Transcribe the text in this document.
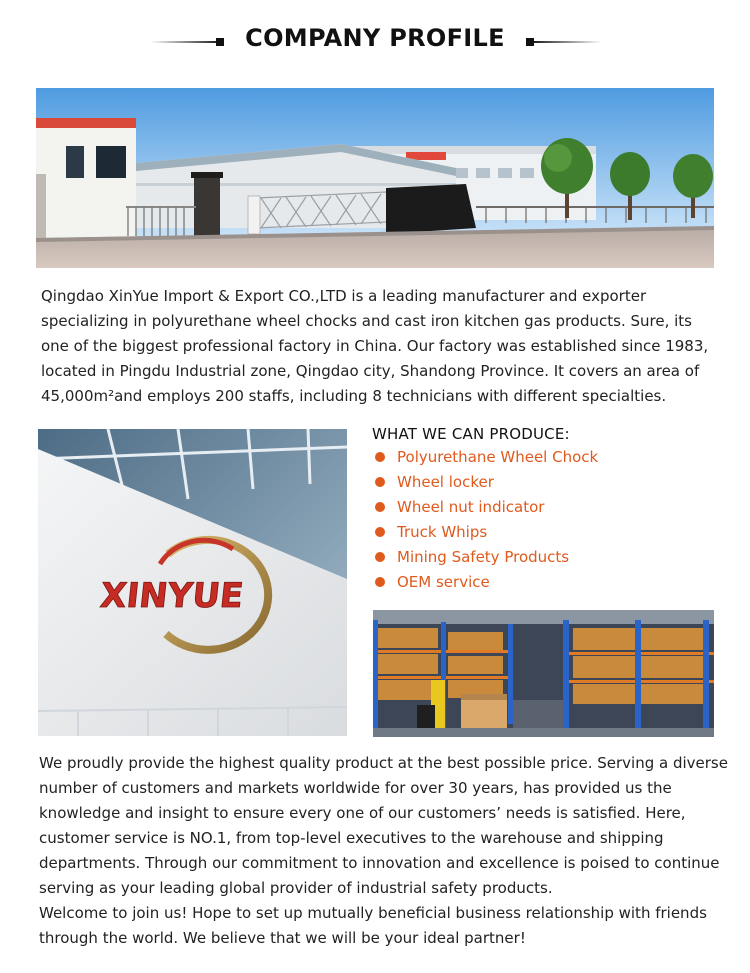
COMPANY PROFILE

Qingdao XinYue Import & Export CO.,LTD is a leading manufacturer and exporter specializing in polyurethane wheel chocks and cast iron kitchen gas products. Sure, its one of the biggest professional factory in China. Our factory was established since 1983, located in Pingdu Industrial zone, Qingdao city, Shandong Province. It covers an area of 45,000m²and employs 200 staffs, including 8 technicians with different specialties.

XINYUE
WHAT WE CAN PRODUCE:
Polyurethane Wheel Chock
Wheel locker
Wheel nut indicator
Truck Whips
Mining Safety Products
OEM service

We proudly provide the highest quality product at the best possible price. Serving a diverse number of customers and markets worldwide for over 30 years, has provided us the knowledge and insight to ensure every one of our customers’ needs is satisfied. Here, customer service is NO.1, from top-level executives to the warehouse and shipping departments. Through our commitment to innovation and excellence is poised to continue serving as your leading global provider of industrial safety products.

Welcome to join us! Hope to set up mutually beneficial business relationship with friends through the world. We believe that we will be your ideal partner!
